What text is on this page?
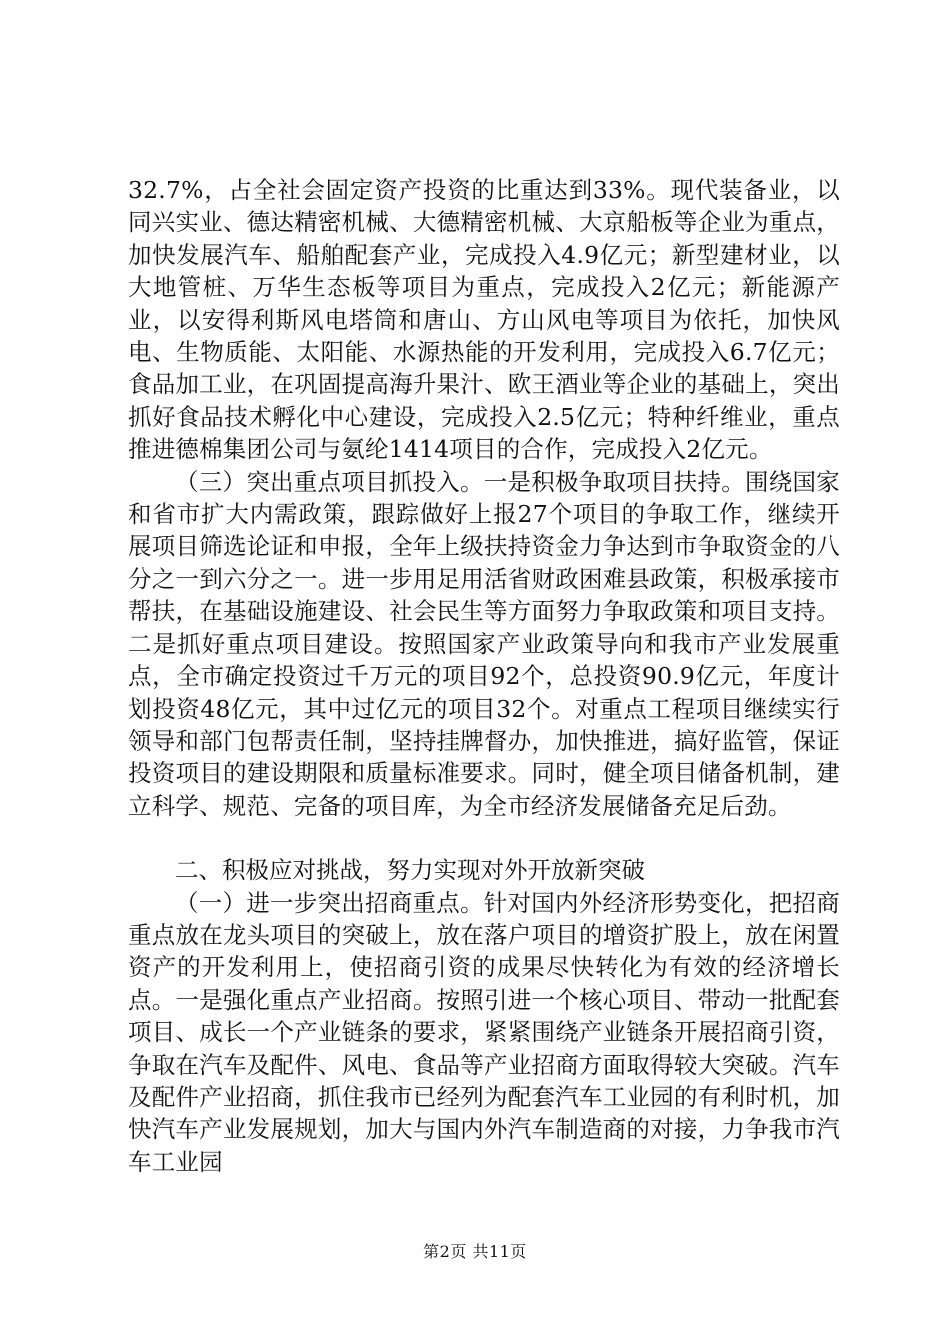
32.7%，占全社会固定资产投资的比重达到33%。现代装备业，以同兴实业、德达精密机械、大德精密机械、大京船板等企业为重点，加快发展汽车、船舶配套产业，完成投入4.9亿元；新型建材业，以大地管桩、万华生态板等项目为重点，完成投入2亿元；新能源产业，以安得利斯风电塔筒和唐山、方山风电等项目为依托，加快风电、生物质能、太阳能、水源热能的开发利用，完成投入6.7亿元；食品加工业，在巩固提高海升果汁、欧王酒业等企业的基础上，突出抓好食品技术孵化中心建设，完成投入2.5亿元；特种纤维业，重点推进德棉集团公司与氨纶1414项目的合作，完成投入2亿元。

（三）突出重点项目抓投入。一是积极争取项目扶持。围绕国家和省市扩大内需政策，跟踪做好上报27个项目的争取工作，继续开展项目筛选论证和申报，全年上级扶持资金力争达到市争取资金的八分之一到六分之一。进一步用足用活省财政困难县政策，积极承接市帮扶，在基础设施建设、社会民生等方面努力争取政策和项目支持。二是抓好重点项目建设。按照国家产业政策导向和我市产业发展重点，全市确定投资过千万元的项目92个，总投资90.9亿元，年度计划投资48亿元，其中过亿元的项目32个。对重点工程项目继续实行领导和部门包帮责任制，坚持挂牌督办，加快推进，搞好监管，保证投资项目的建设期限和质量标准要求。同时，健全项目储备机制，建立科学、规范、完备的项目库，为全市经济发展储备充足后劲。

二、积极应对挑战，努力实现对外开放新突破

（一）进一步突出招商重点。针对国内外经济形势变化，把招商重点放在龙头项目的突破上，放在落户项目的增资扩股上，放在闲置资产的开发利用上，使招商引资的成果尽快转化为有效的经济增长点。一是强化重点产业招商。按照引进一个核心项目、带动一批配套项目、成长一个产业链条的要求，紧紧围绕产业链条开展招商引资，争取在汽车及配件、风电、食品等产业招商方面取得较大突破。汽车及配件产业招商，抓住我市已经列为配套汽车工业园的有利时机，加快汽车产业发展规划，加大与国内外汽车制造商的对接，力争我市汽车工业园

第2页 共11页
